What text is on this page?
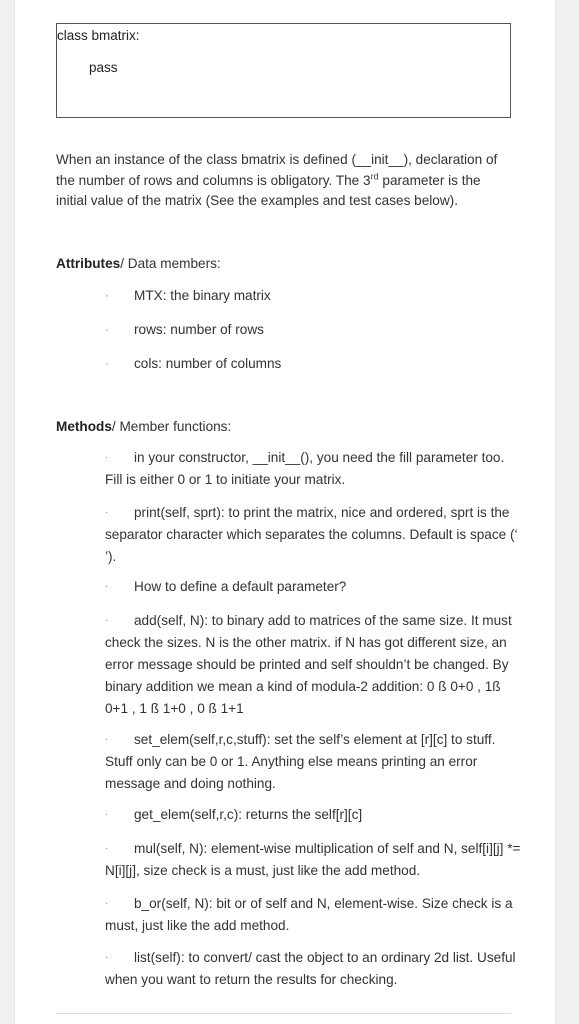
class bmatrix:
pass
When an instance of the class bmatrix is defined (__init__), declaration of the number of rows and columns is obligatory. The 3rd parameter is the initial value of the matrix (See the examples and test cases below).
Attributes/ Data members:
· MTX: the binary matrix
· rows: number of rows
· cols: number of columns
Methods/ Member functions:
· in your constructor, __init__(), you need the fill parameter too. Fill is either 0 or 1 to initiate your matrix.
· print(self, sprt): to print the matrix, nice and ordered, sprt is the separator character which separates the columns. Default is space (‘ ’).
· How to define a default parameter?
· add(self, N): to binary add to matrices of the same size. It must check the sizes. N is the other matrix. if N has got different size, an error message should be printed and self shouldn’t be changed. By binary addition we mean a kind of modula-2 addition: 0 ß 0+0 , 1ß 0+1 , 1 ß 1+0 , 0 ß 1+1
· set_elem(self,r,c,stuff): set the self’s element at [r][c] to stuff. Stuff only can be 0 or 1. Anything else means printing an error message and doing nothing.
· get_elem(self,r,c): returns the self[r][c]
· mul(self, N): element-wise multiplication of self and N, self[i][j] *= N[i][j], size check is a must, just like the add method.
· b_or(self, N): bit or of self and N, element-wise. Size check is a must, just like the add method.
· list(self): to convert/ cast the object to an ordinary 2d list. Useful when you want to return the results for checking.
